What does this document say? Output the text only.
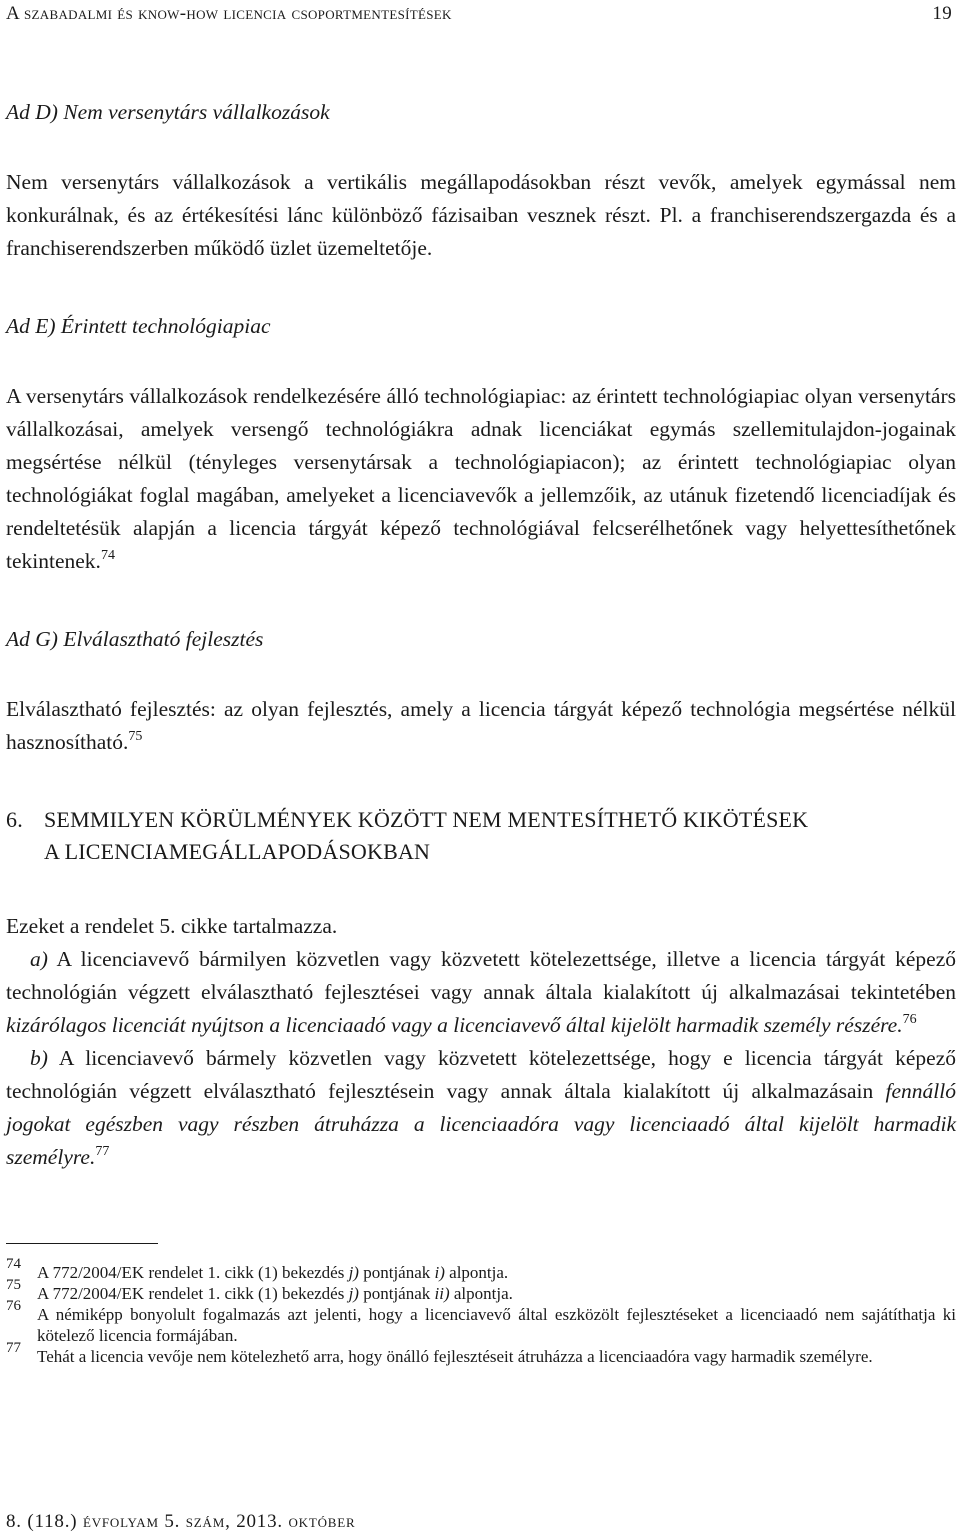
A szabadalmi és know-how licencia csoportmentesítések	19
Ad D) Nem versenytárs vállalkozások

Nem versenytárs vállalkozások a vertikális megállapodásokban részt vevők, amelyek egymással nem konkurálnak, és az értékesítési lánc különböző fázisaiban vesznek részt. Pl. a franchiserendszergazda és a franchiserendszerben működő üzlet üzemeltetője.

Ad E) Érintett technológiapiac

A versenytárs vállalkozások rendelkezésére álló technológiapiac: az érintett technológiapiac olyan versenytárs vállalkozásai, amelyek versengő technológiákra adnak licenciákat egymás szellemitulajdon-jogainak megsértése nélkül (tényleges versenytársak a technológiapiacon); az érintett technológiapiac olyan technológiákat foglal magában, amelyeket a licenciavevők a jellemzőik, az utánuk fizetendő licenciadíjak és rendeltetésük alapján a licencia tárgyát képező technológiával felcserélhetőnek vagy helyettesíthetőnek tekintenek.$^{74}$

Ad G) Elválasztható fejlesztés

Elválasztható fejlesztés: az olyan fejlesztés, amely a licencia tárgyát képező technológia megsértése nélkül hasznosítható.$^{75}$

6. SEMMILYEN KÖRÜLMÉNYEK KÖZÖTT NEM MENTESÍTHETŐ KIKÖTÉSEK
A LICENCIAMEGÁLLAPODÁSOKBAN

Ezeket a rendelet 5. cikke tartalmazza.

a) A licenciavevő bármilyen közvetlen vagy közvetett kötelezettsége, illetve a licencia tárgyát képező technológián végzett elválasztható fejlesztései vagy annak általa kialakított új alkalmazásai tekintetében kizárólagos licenciát nyújtson a licenciaadó vagy a licenciavevő által kijelölt harmadik személy részére.$^{76}$

b) A licenciavevő bármely közvetlen vagy közvetett kötelezettsége, hogy e licencia tárgyát képező technológián végzett elválasztható fejlesztésein vagy annak általa kialakított új alkalmazásain fennálló jogokat egészben vagy részben átruházza a licenciaadóra vagy licenciaadó által kijelölt harmadik személyre.$^{77}$

74 A 772/2004/EK rendelet 1. cikk (1) bekezdés j) pontjának i) alpontja.
75 A 772/2004/EK rendelet 1. cikk (1) bekezdés j) pontjának ii) alpontja.
76 A némiképp bonyolult fogalmazás azt jelenti, hogy a licenciavevő által eszközölt fejlesztéseket a licenciaadó nem sajátíthatja ki kötelező licencia formájában.
77 Tehát a licencia vevője nem kötelezhető arra, hogy önálló fejlesztéseit átruházza a licenciaadóra vagy harmadik személyre.
8. (118.) évfolyam 5. szám, 2013. október
